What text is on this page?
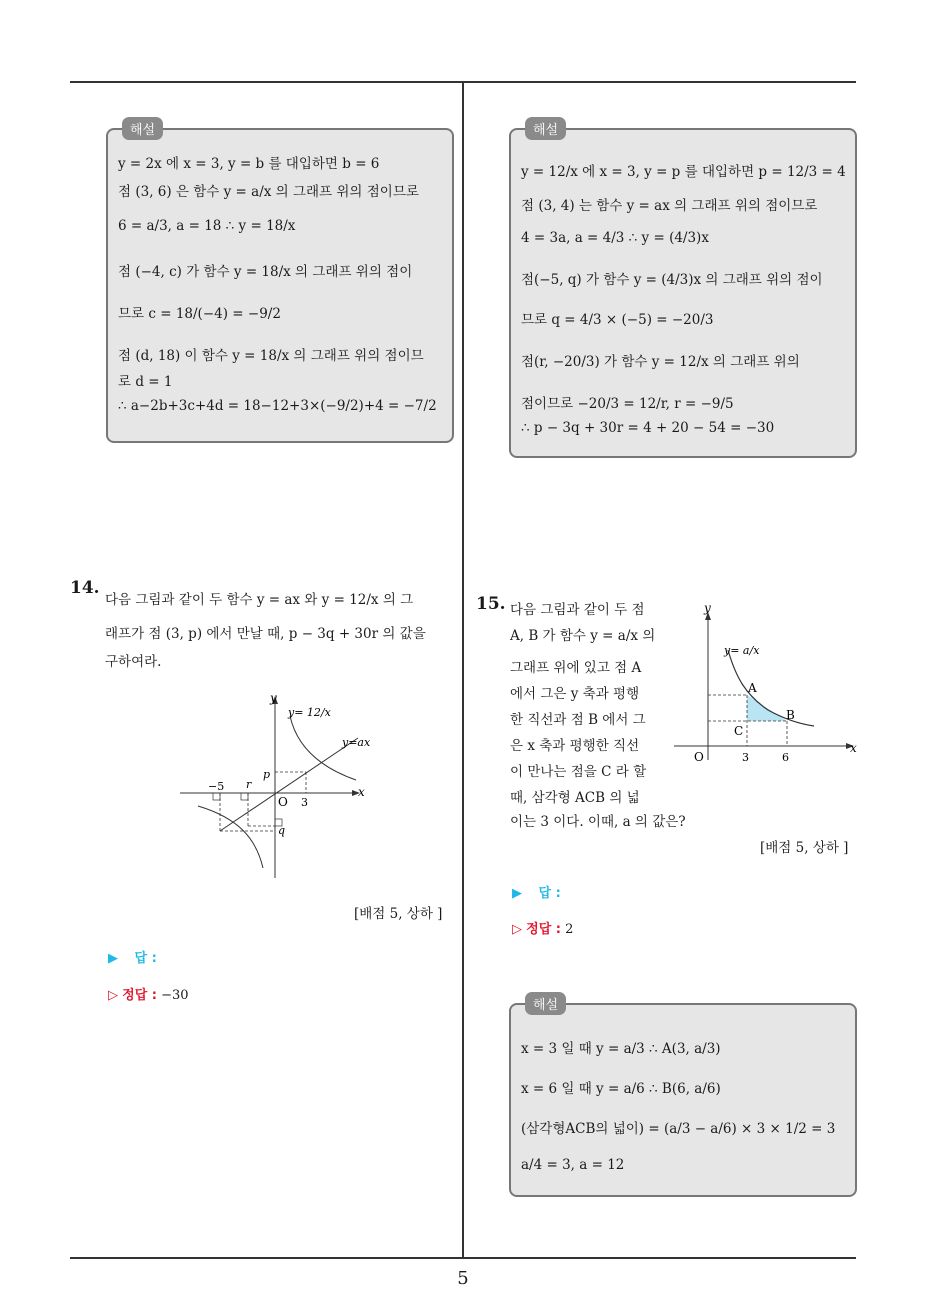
해설
y = 2x 에 x = 3, y = b 를 대입하면 b = 6
점 (3, 6) 은 함수 y = a/x 의 그래프 위의 점이므로
6 = a/3, a = 18 ∴ y = 18/x
점 (−4, c) 가 함수 y = 18/x 의 그래프 위의 점이
므로 c = 18/(−4) = −9/2
점 (d, 18) 이 함수 y = 18/x 의 그래프 위의 점이므
로 d = 1
∴ a−2b+3c+4d = 18−12+3×(−9/2)+4 = −7/2
해설
y = 12/x 에 x = 3, y = p 를 대입하면 p = 12/3 = 4
점 (3, 4) 는 함수 y = ax 의 그래프 위의 점이므로
4 = 3a, a = 4/3 ∴ y = (4/3)x
점(−5, q) 가 함수 y = (4/3)x 의 그래프 위의 점이
므로 q = 4/3 × (−5) = −20/3
점(r, −20/3) 가 함수 y = 12/x 의 그래프 위의
점이므로 −20/3 = 12/r, r = −9/5
∴ p − 3q + 30r = 4 + 20 − 54 = −30
14.
다음 그림과 같이 두 함수 y = ax 와 y = 12/x 의 그
래프가 점 (3, p) 에서 만날 때, p − 3q + 30r 의 값을
구하여라.
y
x
O
y= 12/x
y=ax
−5 r
p
3
q
[배점 5, 상하 ]
▶ 답 :
▷ 정답 : −30
15. 다음 그림과 같이 두 점
A, B 가 함수 y = a/x 의
그래프 위에 있고 점 A
에서 그은 y 축과 평행
한 직선과 점 B 에서 그
은 x 축과 평행한 직선
이 만나는 점을 C 라 할
때, 삼각형 ACB 의 넓
이는 3 이다. 이때, a 의 값은?
y
x
O
y= a/x
A
B
C
3	6
[배점 5, 상하 ]
▶ 답 :
▷ 정답 : 2
해설
x = 3 일 때 y = a/3 ∴ A(3, a/3)
x = 6 일 때 y = a/6 ∴ B(6, a/6)
(삼각형ACB의 넓이) = (a/3 − a/6) × 3 × 1/2 = 3
a/4 = 3, a = 12
5
